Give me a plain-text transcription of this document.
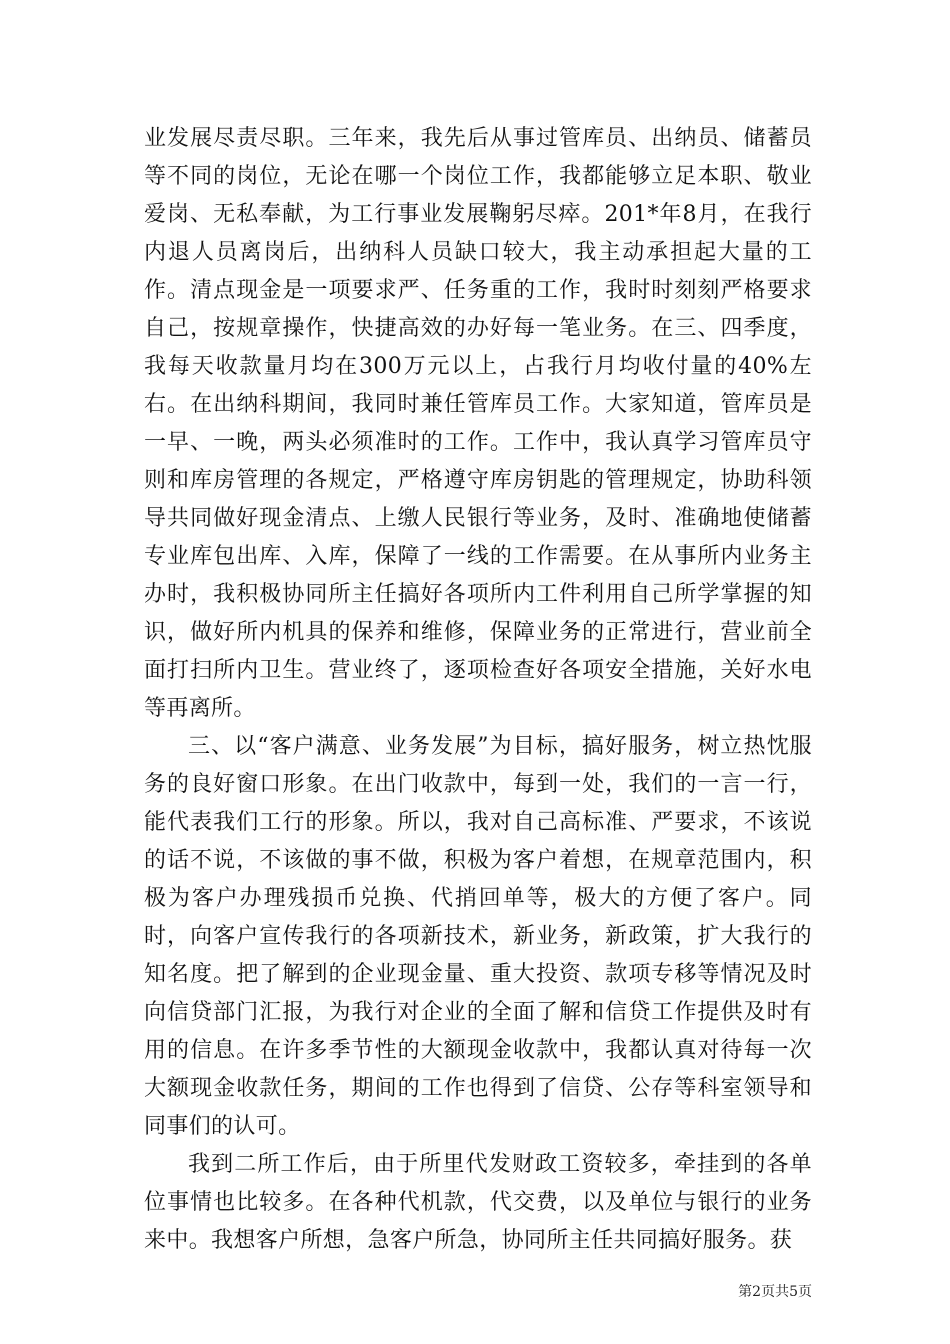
业发展尽责尽职。三年来，我先后从事过管库员、出纳员、储蓄员等不同的岗位，无论在哪一个岗位工作，我都能够立足本职、敬业爱岗、无私奉献，为工行事业发展鞠躬尽瘁。201*年8月，在我行内退人员离岗后，出纳科人员缺口较大，我主动承担起大量的工作。清点现金是一项要求严、任务重的工作，我时时刻刻严格要求自己，按规章操作，快捷高效的办好每一笔业务。在三、四季度，我每天收款量月均在300万元以上，占我行月均收付量的40%左右。在出纳科期间，我同时兼任管库员工作。大家知道，管库员是一早、一晚，两头必须准时的工作。工作中，我认真学习管库员守则和库房管理的各规定，严格遵守库房钥匙的管理规定，协助科领导共同做好现金清点、上缴人民银行等业务，及时、准确地使储蓄专业库包出库、入库，保障了一线的工作需要。在从事所内业务主办时，我积极协同所主任搞好各项所内工件利用自己所学掌握的知识，做好所内机具的保养和维修，保障业务的正常进行，营业前全面打扫所内卫生。营业终了，逐项检查好各项安全措施，关好水电等再离所。

三、以“客户满意、业务发展”为目标，搞好服务，树立热忱服务的良好窗口形象。在出门收款中，每到一处，我们的一言一行，能代表我们工行的形象。所以，我对自己高标准、严要求，不该说的话不说，不该做的事不做，积极为客户着想，在规章范围内，积极为客户办理残损币兑换、代捎回单等，极大的方便了客户。同时，向客户宣传我行的各项新技术，新业务，新政策，扩大我行的知名度。把了解到的企业现金量、重大投资、款项专移等情况及时向信贷部门汇报，为我行对企业的全面了解和信贷工作提供及时有用的信息。在许多季节性的大额现金收款中，我都认真对待每一次大额现金收款任务，期间的工作也得到了信贷、公存等科室领导和同事们的认可。

我到二所工作后，由于所里代发财政工资较多，牵挂到的各单位事情也比较多。在各种代机款，代交费，以及单位与银行的业务来中。我想客户所想，急客户所急，协同所主任共同搞好服务。获

第2页共5页
